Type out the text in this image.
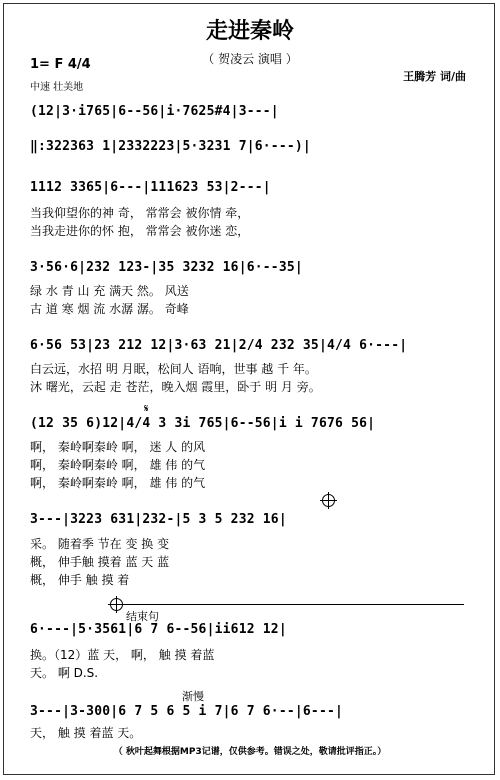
走进秦岭
（ 贺凌云 演唱 ）
1= F 4/4
中速 壮美地
王腾芳 词/曲
(12|3·i765|6--56|i·7625#4|3---|
‖:322363 1|2332223|5·3231 7|6·---)|
1112 3365|6---|111623 53|2---|
当我仰望你的神 奇， 常常会 被你情 牵，
当我走进你的怀 抱， 常常会 被你迷 恋，
3·56·6|232 123-|35 3232 16|6·--35|
绿 水 青 山 充 满天 然。 风送
古 道 寒 烟 流 水潺 潺。 奇峰
6·56 53|23 212 12|3·63 21|2/4 232 35|4/4 6·---|
白云远，水招 明 月眠，松间人 语响，世事 越 千 年。
沐 曙光，云起 走 苍茫，晚入烟 霞里，卧于 明 月 旁。
𝄋
(12 35 6)12|4/4 3 3i 765|6--56|i i 7676 56|
啊， 秦岭啊秦岭 啊， 迷 人 的风
啊， 秦岭啊秦岭 啊， 雄 伟 的气
啊， 秦岭啊秦岭 啊， 雄 伟 的气
3---|3223 631|232-|5 3 5 232 16|
采。 随着季 节在 变 换 变
概， 伸手触 摸着 蓝 天 蓝
概， 伸手 触 摸 着
结束句
6·---|5·3561|6 7 6--56|ii612 12|
换。（12）蓝 天， 啊， 触 摸 着蓝
天。 啊 D.S.
渐慢
3---|3-300|6 7 5 6 5 i 7|6 7 6·--|6---|
天， 触 摸 着蓝 天。
（ 秋叶起舞根据MP3记谱，仅供参考。错误之处，敬请批评指正。）
